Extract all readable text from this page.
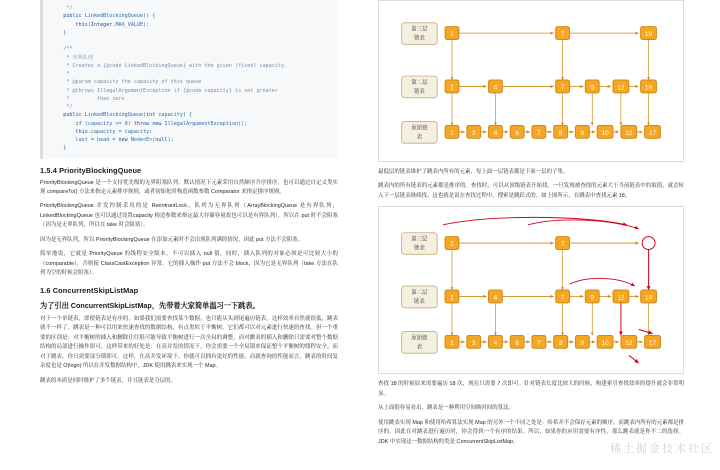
*/
public LinkedBlockingQueue() {
this(Integer.MAX_VALUE);
}

/**
* 有界队列
* Creates a {@code LinkedBlockingQueue} with the given (fixed) capacity.
*
* @param capacity the capacity of this queue
* @throws IllegalArgumentException if {@code capacity} is not greater
*         than zero
*/
public LinkedBlockingQueue(int capacity) {
if (capacity <= 0) throw new IllegalArgumentException();
this.capacity = capacity;
last = head = new Node<E>(null);
}
1.5.4 PriorityBlockingQueue

PriorityBlockingQueue 是一个支持优先级的无界阻塞队列。默认情况下元素采用自然顺序升序排序，也可以通过自定义类实现 compareTo() 方法来指定元素排序规则，或者初始化时构造函数参数 Comparator 来指定排序规则。

PriorityBlockingQueue 并发控制采用的是 ReentrantLock，队列为无界队列（ArrayBlockingQueue 是有界队列，LinkedBlockingQueue 也可以通过设置capacity 构造参数来指定最大存储容量故也可以是有界队列），所以在 put 时不会阻塞（因为是无界队列，所以在 take 时会阻塞）。

因为是无界队列，所以 PriorityBlockingQueue 在添加元素时不会出现队列满的情况，因此 put 方法不会阻塞。

简单地说，它就是 PriorityQueue 的线程安全版本。不可以插入 null 值，同时，插入队列的对象必须是可比较大小的（comparable），否则报 ClassCastException 异常。它的插入操作 put 方法不会 block，因为它是无界队列（take 方法在队列为空的时候会阻塞）。

1.6 ConcurrentSkipListMap
为了引出 ConcurrentSkipListMap，先带着大家简单温习一下跳表。

对于一个单链表，即使链表是有序的，如果我们需要查找某个数据，也只能从头到尾遍历链表，这样效率自然就很低，跳表就不一样了。跳表是一种可以用来快速查找的数据结构，有点类似于平衡树。它们都可以对元素进行快速的查找。但一个重要的区别是：对平衡树的插入和删除往往很可能导致平衡树进行一次全局的调整。而对跳表的插入和删除只需要对整个数据结构的局部进行操作即可。这样带来的好处是：在高并发的情况下，你会需要一个全局锁来保证整个平衡树的线程安全。而对于跳表，你只需要部分锁即可。这样，在高并发环境下，你就可以拥有更好的性能。而就查询的性能而言，跳表的时间复杂度也是 O(logn) 所以在并发数据结构中，JDK 使用跳表来实现一个 Map。

跳表的本质是同时维护了多个链表，并且链表是分层的。

第三层
链表
1	7	19
第二层
链表
1	4	7	9	12	19
原始链
表
1	3	4	6	7	8	9	10 12 17

最低层的链表维护了跳表内所有的元素，每上面一层链表都是下面一层的子集。

跳表内的所有链表的元素都是排序的。查找时，可以从顶级链表开始找。一旦发现被查找的元素大于当前链表中的取值，就会转入下一层链表继续找。这也就是说在查找过程中，搜索是跳跃式的。如上图所示，在跳表中查找元素 18。

第三层
链表
1	7
第二层
链表
1	4	7	9	12	19
原始链
表
1	3	4	6	7	8	9	10 12 17

查找 18 的时候原来需要遍历 18 次，现在只需要 7 次即可。针对链表长度比较大的时候，构建索引查找效率的提升就会非常明显。

从上面很容易看出，跳表是一种利用空间换时间的算法。

使用跳表实现 Map 和使用哈希算法实现 Map 的另外一个不同之处是：哈希并不会保存元素的顺序，而跳表内所有的元素都是排序的。因此在对跳表进行遍历时，你会得到一个有序的结果。所以，如果你的应用需要有序性，那么跳表就是你不二的选择。JDK 中实现这一数据结构的类是 ConcurrentSkipListMap。

稀土掘金技术社区
